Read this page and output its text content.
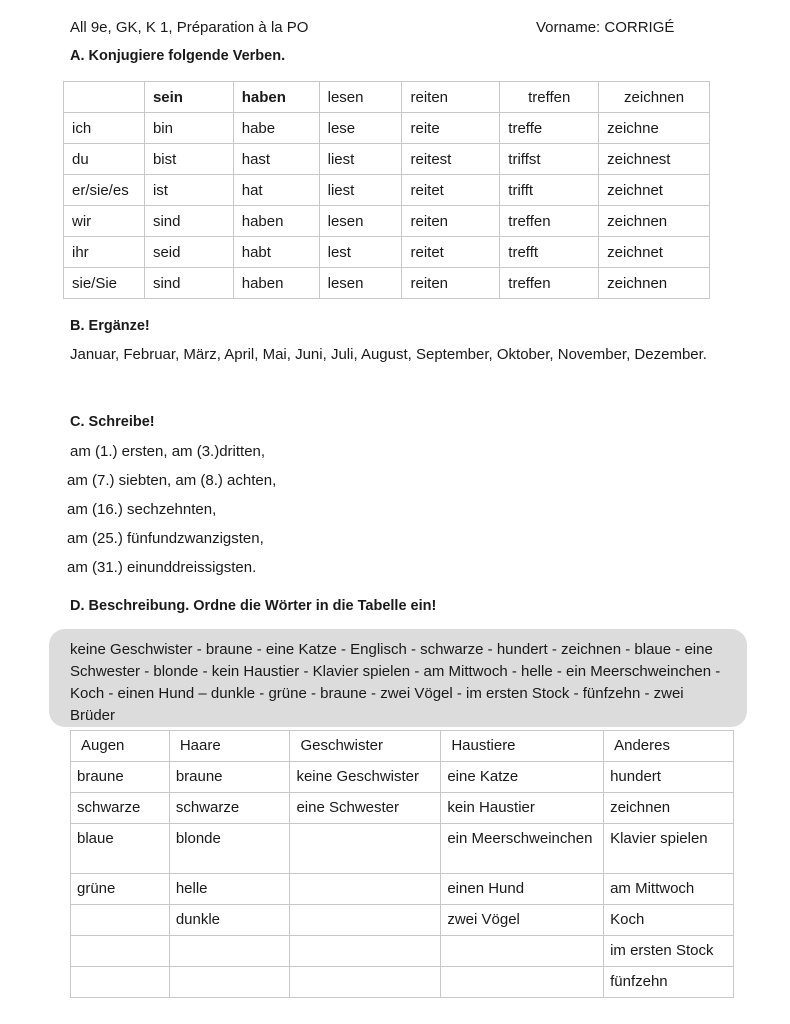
All 9e, GK, K 1, Préparation à la PO	Vorname: CORRIGÉ
A. Konjugiere folgende Verben.
	sein	haben	lesen	reiten	treffen	zeichnen
ich	bin	habe	lese	reite	treffe	zeichne
du	bist	hast	liest	reitest	triffst	zeichnest
er/sie/es	ist	hat	liest	reitet	trifft	zeichnet
wir	sind	haben	lesen	reiten	treffen	zeichnen
ihr	seid	habt	lest	reitet	trefft	zeichnet
sie/Sie	sind	haben	lesen	reiten	treffen	zeichnen
B. Ergänze!
Januar, Februar, März, April, Mai, Juni, Juli, August, September, Oktober, November, Dezember.
C. Schreibe!
am (1.) ersten, am (3.)dritten,
am (7.) siebten, am (8.) achten,
am (16.) sechzehnten,
am (25.) fünfundzwanzigsten,
am (31.) einunddreissigsten.
D. Beschreibung. Ordne die Wörter in die Tabelle ein!
keine Geschwister - braune - eine Katze - Englisch - schwarze - hundert - zeichnen - blaue - eine Schwester - blonde - kein Haustier - Klavier spielen - am Mittwoch - helle - ein Meerschweinchen - Koch - einen Hund – dunkle - grüne - braune - zwei Vögel - im ersten Stock - fünfzehn - zwei Brüder
Augen	Haare	Geschwister	Haustiere	Anderes
braune	braune	keine Geschwister	eine Katze	hundert
schwarze	schwarze	eine Schwester	kein Haustier	zeichnen
blaue	blonde		ein Meerschweinchen	Klavier spielen
grüne	helle		einen Hund	am Mittwoch
	dunkle		zwei Vögel	Koch
				im ersten Stock
				fünfzehn
